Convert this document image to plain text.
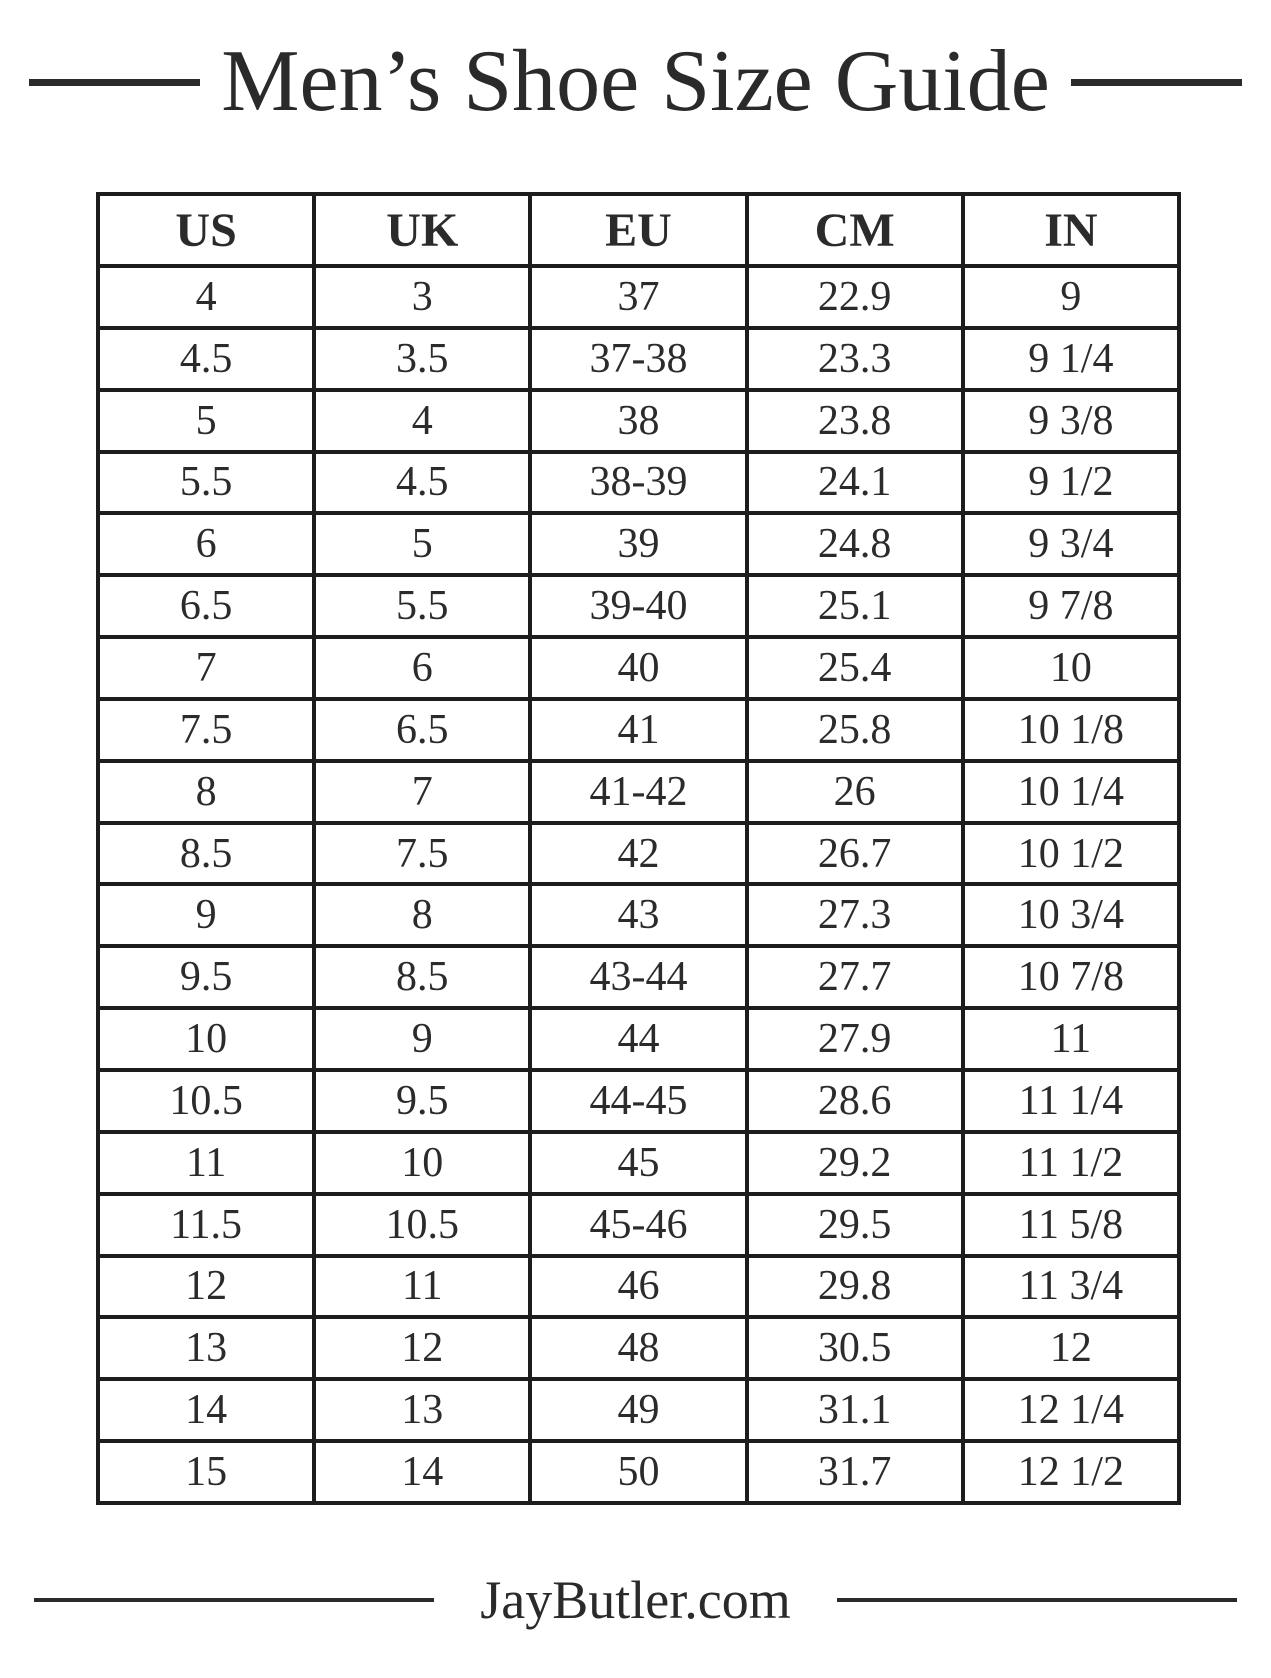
Men’s Shoe Size Guide
US	UK	EU	CM	IN
4	3	37	22.9	9
4.5	3.5	37-38	23.3	9 1/4
5	4	38	23.8	9 3/8
5.5	4.5	38-39	24.1	9 1/2
6	5	39	24.8	9 3/4
6.5	5.5	39-40	25.1	9 7/8
7	6	40	25.4	10
7.5	6.5	41	25.8	10 1/8
8	7	41-42	26	10 1/4
8.5	7.5	42	26.7	10 1/2
9	8	43	27.3	10 3/4
9.5	8.5	43-44	27.7	10 7/8
10	9	44	27.9	11
10.5	9.5	44-45	28.6	11 1/4
11	10	45	29.2	11 1/2
11.5	10.5	45-46	29.5	11 5/8
12	11	46	29.8	11 3/4
13	12	48	30.5	12
14	13	49	31.1	12 1/4
15	14	50	31.7	12 1/2
JayButler.com
